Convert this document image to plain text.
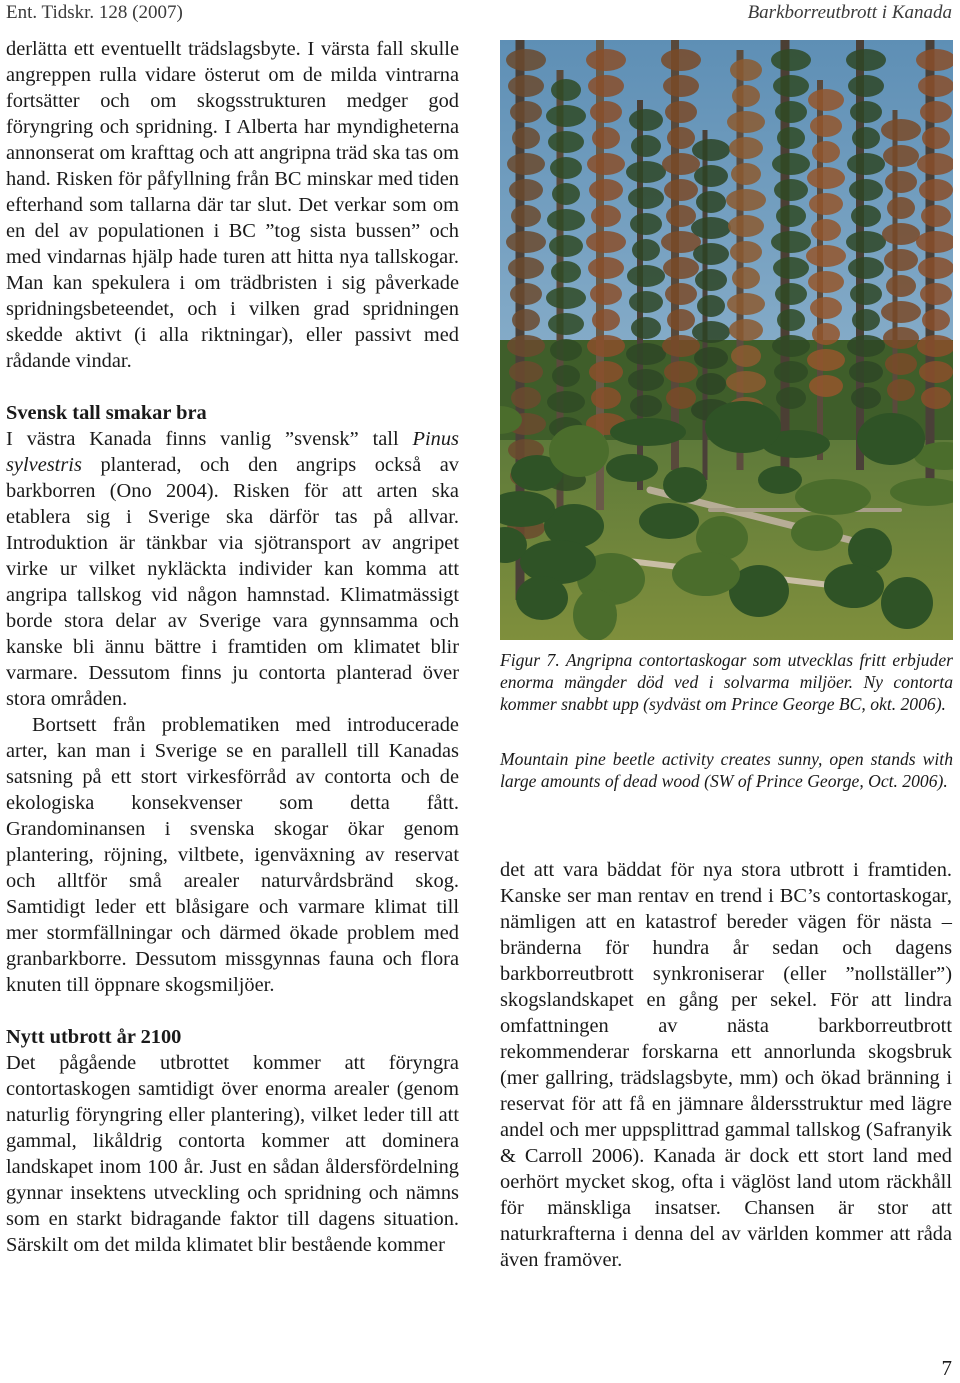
Ent. Tidskr. 128 (2007)	Barkborreutbrott i Kanada

derlätta ett eventuellt trädslagsbyte. I värsta fall skulle angreppen rulla vidare österut om de milda vintrarna fortsätter och om skogsstrukturen medger god föryngring och spridning. I Alberta har myndigheterna annonserat om krafttag och att angripna träd ska tas om hand. Risken för påfyllning från BC minskar med tiden efterhand som tallarna där tar slut. Det verkar som om en del av populationen i BC ”tog sista bussen” och med vindarnas hjälp hade turen att hitta nya tallskogar. Man kan spekulera i om trädbristen i sig påverkade spridningsbeteendet, och i vilken grad spridningen skedde aktivt (i alla riktningar), eller passivt med rådande vindar.

Svensk tall smakar bra

I västra Kanada finns vanlig ”svensk” tall Pinus sylvestris planterad, och den angrips också av barkborren (Ono 2004). Risken för att arten ska etablera sig i Sverige ska därför tas på allvar. Introduktion är tänkbar via sjötransport av angripet virke ur vilket nykläckta individer kan komma att angripa tallskog vid någon hamnstad. Klimatmässigt borde stora delar av Sverige vara gynnsamma och kanske bli ännu bättre i framtiden om klimatet blir varmare. Dessutom finns ju contorta planterad över stora områden.

Bortsett från problematiken med introducerade arter, kan man i Sverige se en parallell till Kanadas satsning på ett stort virkesförråd av contorta och de ekologiska konsekvenser som detta fått. Grandominansen i svenska skogar ökar genom plantering, röjning, viltbete, igenväxning av reservat och alltför små arealer naturvårdsbränd skog. Samtidigt leder ett blåsigare och varmare klimat till mer stormfällningar och därmed ökade problem med granbarkborre. Dessutom missgynnas fauna och flora knuten till öppnare skogsmiljöer.

Nytt utbrott år 2100

Det pågående utbrottet kommer att föryngra contortaskogen samtidigt över enorma arealer (genom naturlig föryngring eller plantering), vilket leder till att gammal, likåldrig contorta kommer att dominera landskapet inom 100 år. Just en sådan åldersfördelning gynnar insektens utveckling och spridning och nämns som en starkt bidragande faktor till dagens situation. Särskilt om det milda klimatet blir bestående kommer

Figur 7. Angripna contortaskogar som utvecklas fritt erbjuder enorma mängder död ved i solvarma miljöer. Ny contorta kommer snabbt upp (sydväst om Prince George BC, okt. 2006).
Mountain pine beetle activity creates sunny, open stands with large amounts of dead wood (SW of Prince George, Oct. 2006).

det att vara bäddat för nya stora utbrott i framtiden. Kanske ser man rentav en trend i BC’s contortaskogar, nämligen att en katastrof bereder vägen för nästa – bränderna för hundra år sedan och dagens barkborreutbrott synkroniserar (eller ”nollställer”) skogslandskapet en gång per sekel. För att lindra omfattningen av nästa barkborreutbrott rekommenderar forskarna ett annorlunda skogsbruk (mer gallring, trädslagsbyte, mm) och ökad bränning i reservat för att få en jämnare åldersstruktur med lägre andel och mer uppsplittrad gammal tallskog (Safranyik & Carroll 2006). Kanada är dock ett stort land med oerhört mycket skog, ofta i väglöst land utom räckhåll för mänskliga insatser. Chansen är stor att naturkrafterna i denna del av världen kommer att råda även framöver.

7
